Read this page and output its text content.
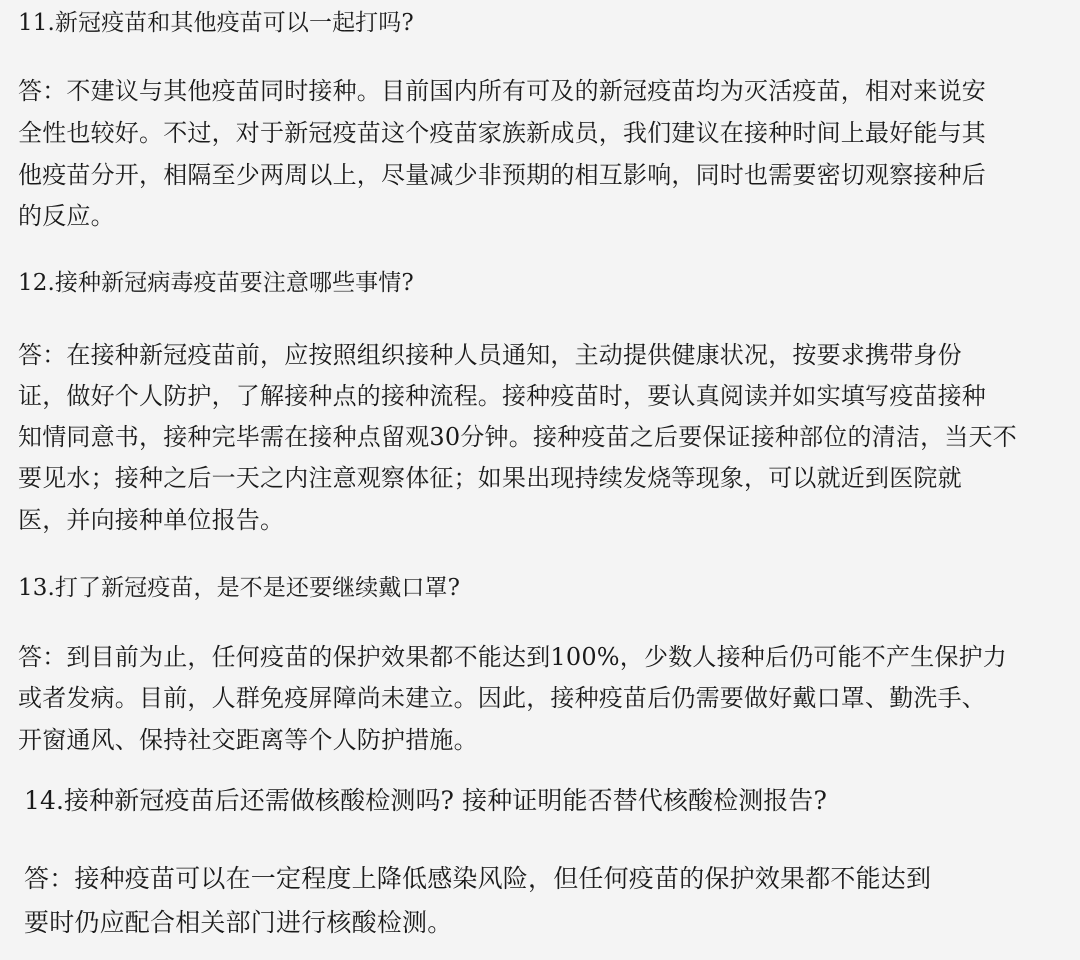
11.新冠疫苗和其他疫苗可以一起打吗?
答：不建议与其他疫苗同时接种。目前国内所有可及的新冠疫苗均为灭活疫苗，相对来说安
全性也较好。不过，对于新冠疫苗这个疫苗家族新成员，我们建议在接种时间上最好能与其
他疫苗分开，相隔至少两周以上，尽量减少非预期的相互影响，同时也需要密切观察接种后
的反应。
12.接种新冠病毒疫苗要注意哪些事情?
答：在接种新冠疫苗前，应按照组织接种人员通知，主动提供健康状况，按要求携带身份
证，做好个人防护，了解接种点的接种流程。接种疫苗时，要认真阅读并如实填写疫苗接种
知情同意书，接种完毕需在接种点留观30分钟。接种疫苗之后要保证接种部位的清洁，当天不
要见水；接种之后一天之内注意观察体征；如果出现持续发烧等现象，可以就近到医院就
医，并向接种单位报告。
13.打了新冠疫苗，是不是还要继续戴口罩?
答：到目前为止，任何疫苗的保护效果都不能达到100%，少数人接种后仍可能不产生保护力
或者发病。目前，人群免疫屏障尚未建立。因此，接种疫苗后仍需要做好戴口罩、勤洗手、
开窗通风、保持社交距离等个人防护措施。
14.接种新冠疫苗后还需做核酸检测吗? 接种证明能否替代核酸检测报告?
答：接种疫苗可以在一定程度上降低感染风险，但任何疫苗的保护效果都不能达到
要时仍应配合相关部门进行核酸检测。
